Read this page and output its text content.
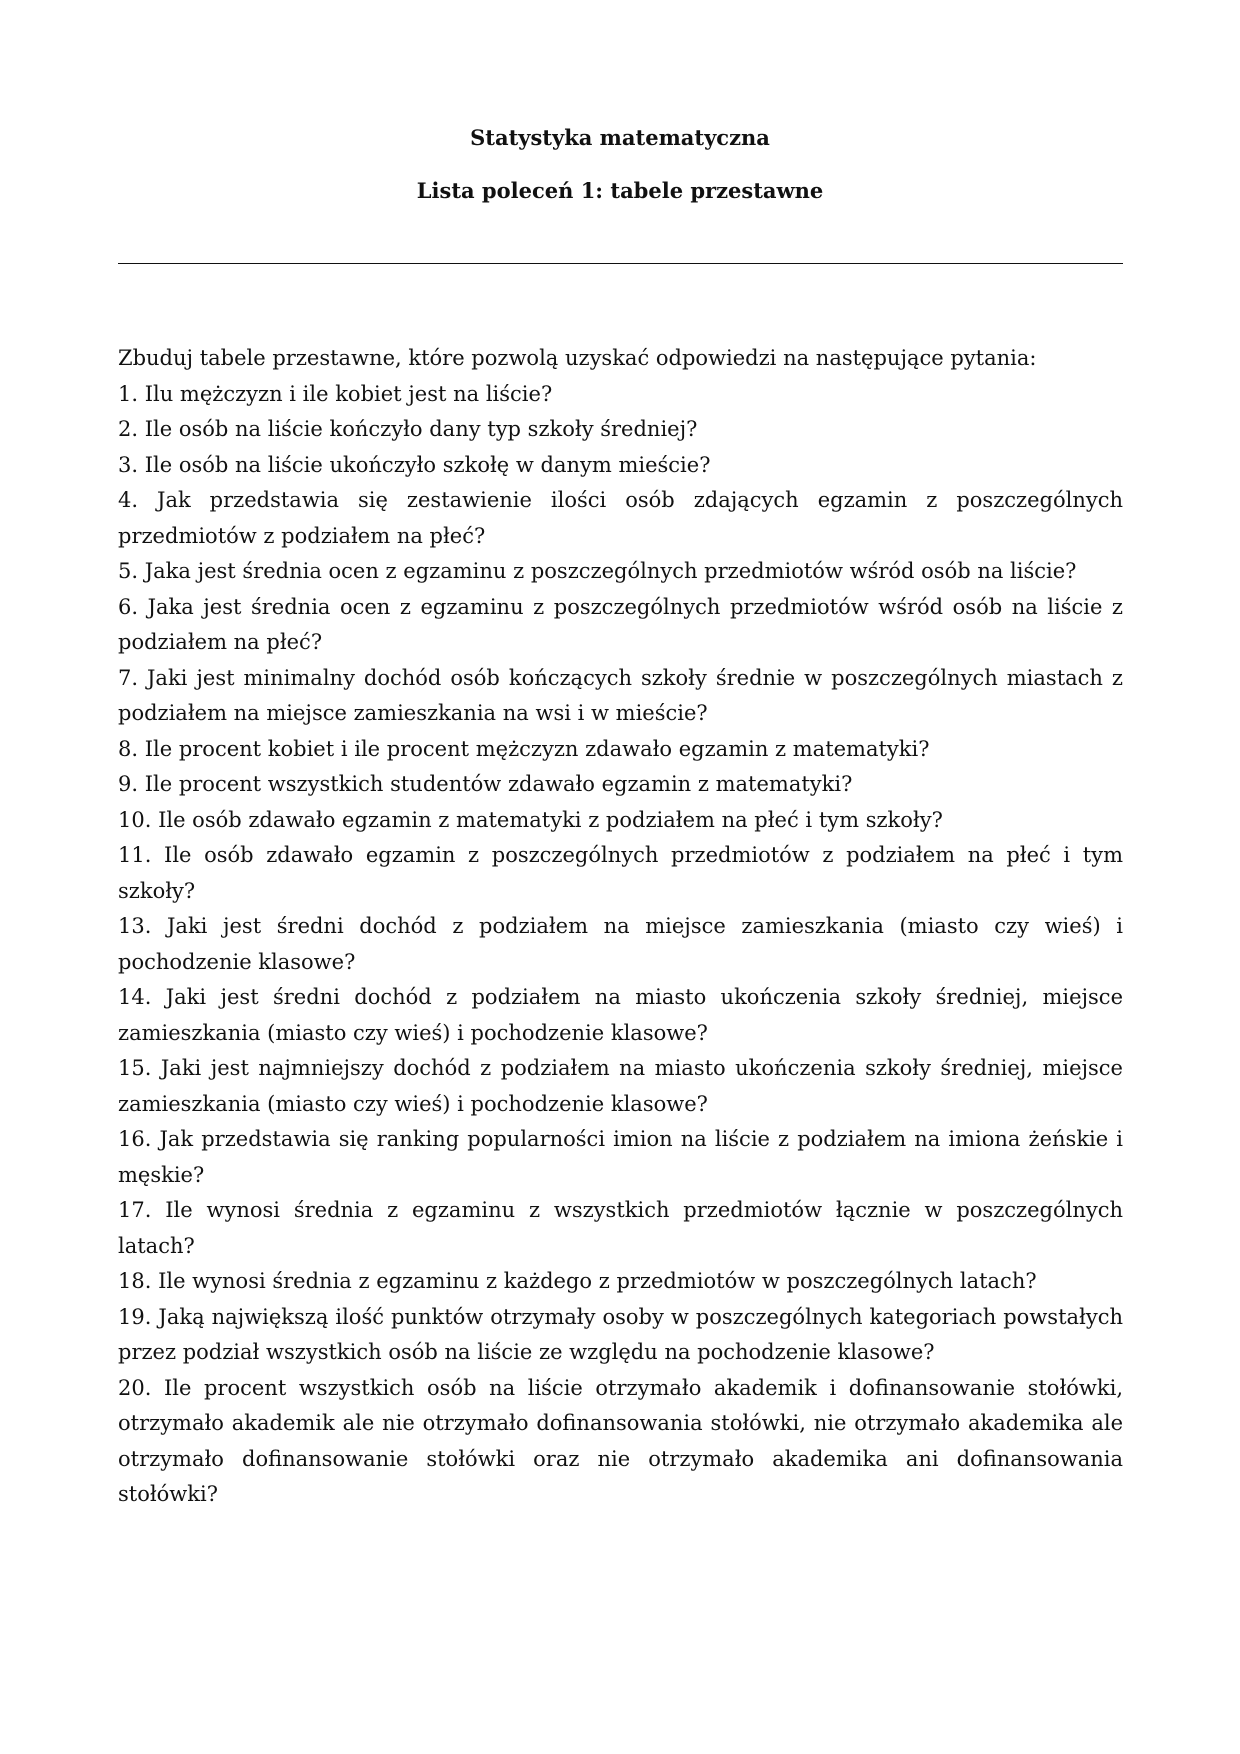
Statystyka matematyczna
Lista poleceń 1: tabele przestawne

Zbuduj tabele przestawne, które pozwolą uzyskać odpowiedzi na następujące pytania:

1. Ilu mężczyzn i ile kobiet jest na liście?

2. Ile osób na liście kończyło dany typ szkoły średniej?

3. Ile osób na liście ukończyło szkołę w danym mieście?

4. Jak przedstawia się zestawienie ilości osób zdających egzamin z poszczególnych przedmiotów z podziałem na płeć?

5. Jaka jest średnia ocen z egzaminu z poszczególnych przedmiotów wśród osób na liście?

6. Jaka jest średnia ocen z egzaminu z poszczególnych przedmiotów wśród osób na liście z podziałem na płeć?

7. Jaki jest minimalny dochód osób kończących szkoły średnie w poszczególnych miastach z podziałem na miejsce zamieszkania na wsi i w mieście?

8. Ile procent kobiet i ile procent mężczyzn zdawało egzamin z matematyki?

9. Ile procent wszystkich studentów zdawało egzamin z matematyki?

10. Ile osób zdawało egzamin z matematyki z podziałem na płeć i tym szkoły?

11. Ile osób zdawało egzamin z poszczególnych przedmiotów z podziałem na płeć i tym szkoły?

13. Jaki jest średni dochód z podziałem na miejsce zamieszkania (miasto czy wieś) i pochodzenie klasowe?

14. Jaki jest średni dochód z podziałem na miasto ukończenia szkoły średniej, miejsce zamieszkania (miasto czy wieś) i pochodzenie klasowe?

15. Jaki jest najmniejszy dochód z podziałem na miasto ukończenia szkoły średniej, miejsce zamieszkania (miasto czy wieś) i pochodzenie klasowe?

16. Jak przedstawia się ranking popularności imion na liście z podziałem na imiona żeńskie i męskie?

17. Ile wynosi średnia z egzaminu z wszystkich przedmiotów łącznie w poszczególnych latach?

18. Ile wynosi średnia z egzaminu z każdego z przedmiotów w poszczególnych latach?

19. Jaką największą ilość punktów otrzymały osoby w poszczególnych kategoriach powstałych przez podział wszystkich osób na liście ze względu na pochodzenie klasowe?

20. Ile procent wszystkich osób na liście otrzymało akademik i dofinansowanie stołówki, otrzymało akademik ale nie otrzymało dofinansowania stołówki, nie otrzymało akademika ale otrzymało dofinansowanie stołówki oraz nie otrzymało akademika ani dofinansowania stołówki?
